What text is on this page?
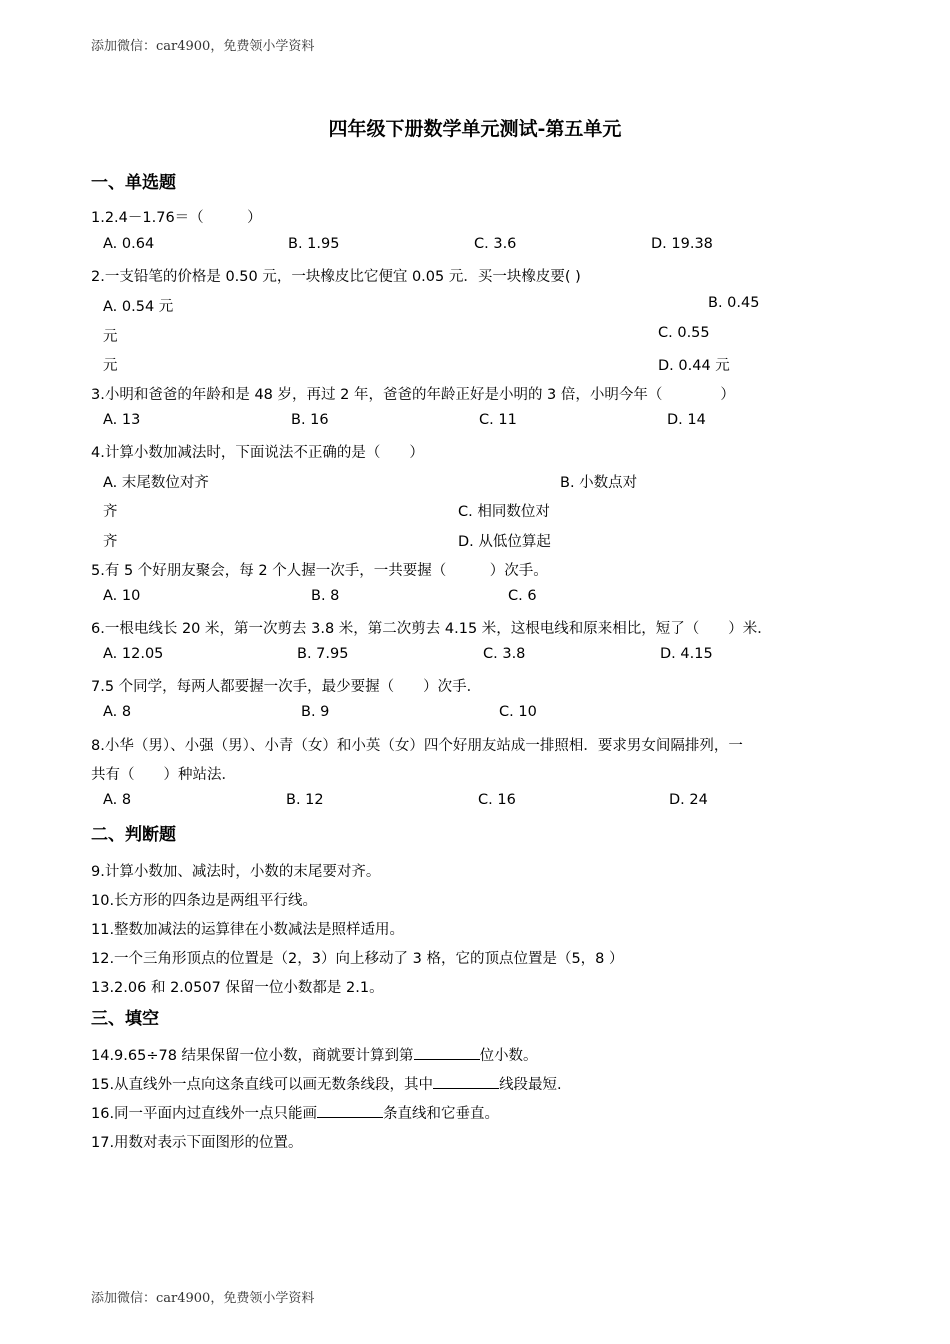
添加微信：car4900，免费领小学资料
四年级下册数学单元测试-第五单元
一、单选题
1.2.4－1.76＝（　　　）
A. 0.64	B. 1.95	C. 3.6	D. 19.38
2.一支铅笔的价格是 0.50 元，一块橡皮比它便宜 0.05 元．买一块橡皮要( )
A. 0.54 元	B. 0.45
元	C. 0.55
元	D. 0.44 元
3.小明和爸爸的年龄和是 48 岁，再过 2 年，爸爸的年龄正好是小明的 3 倍，小明今年（　　　　）
A. 13	B. 16	C. 11	D. 14
4.计算小数加减法时，下面说法不正确的是（　　）
A. 末尾数位对齐	B. 小数点对
齐	C. 相同数位对
齐	D. 从低位算起
5.有 5 个好朋友聚会，每 2 个人握一次手，一共要握（　　　）次手。
A. 10	B. 8	C. 6
6.一根电线长 20 米，第一次剪去 3.8 米，第二次剪去 4.15 米，这根电线和原来相比，短了（　　）米．
A. 12.05	B. 7.95	C. 3.8	D. 4.15
7.5 个同学，每两人都要握一次手，最少要握（　　）次手．
A. 8	B. 9	C. 10
8.小华（男）、小强（男）、小青（女）和小英（女）四个好朋友站成一排照相．要求男女间隔排列，一
共有（　　）种站法．
A. 8	B. 12	C. 16	D. 24
二、判断题
9.计算小数加、减法时，小数的末尾要对齐。
10.长方形的四条边是两组平行线。
11.整数加减法的运算律在小数减法是照样适用。
12.一个三角形顶点的位置是（2，3）向上移动了 3 格，它的顶点位置是（5，8 ）
13.2.06 和 2.0507 保留一位小数都是 2.1。
三、填空
14.9.65÷78 结果保留一位小数，商就要计算到第	位小数。
15.从直线外一点向这条直线可以画无数条线段，其中	线段最短.
16.同一平面内过直线外一点只能画	条直线和它垂直。
17.用数对表示下面图形的位置。
添加微信：car4900，免费领小学资料
